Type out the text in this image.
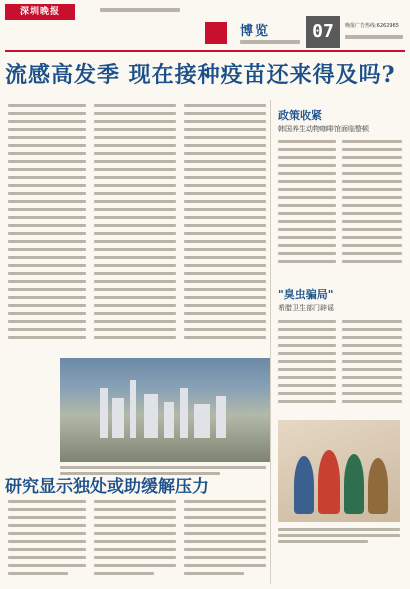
深圳晚报
博览	07	晚报广告热线:6262965
流感高发季 现在接种疫苗还来得及吗?
政策收紧
韩国养生动物咖啡馆面临整顿
"臭虫骗局"
希腊卫生部门辟谣
研究显示独处或助缓解压力
